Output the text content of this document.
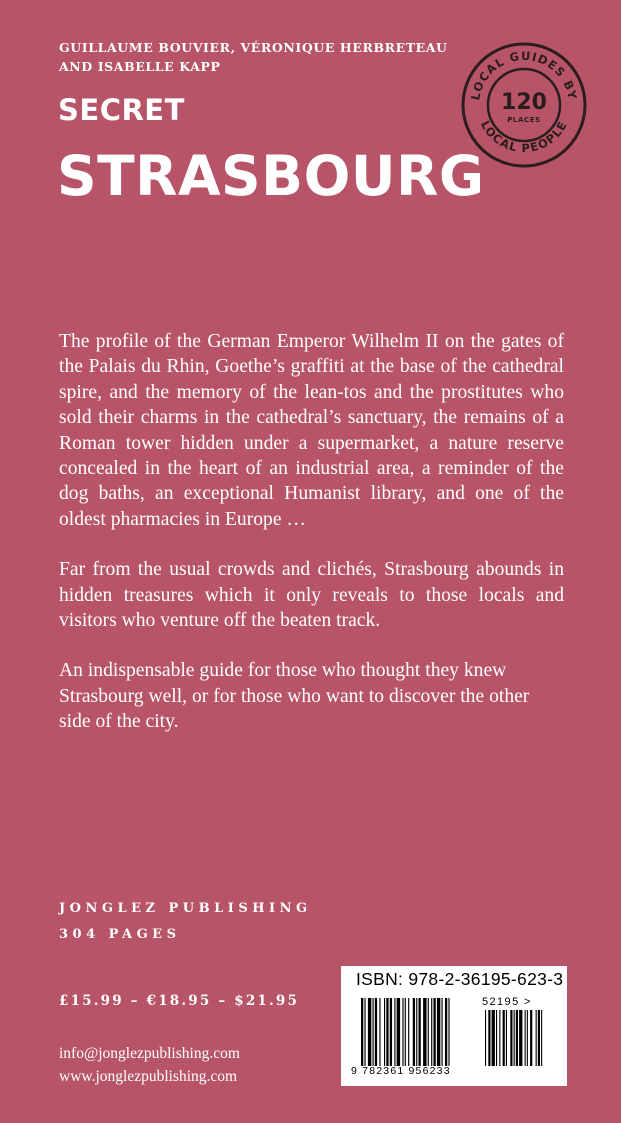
GUILLAUME BOUVIER, VÉRONIQUE HERBRETEAU
AND ISABELLE KAPP
SECRET
STRASBOURG
LOCAL GUIDES BY
LOCAL PEOPLE
120
PLACES

The profile of the German Emperor Wilhelm II on the gates of the Palais du Rhin, Goethe’s graffiti at the base of the cathedral spire, and the memory of the lean-tos and the prostitutes who sold their charms in the cathedral’s sanctuary, the remains of a Roman tower hidden under a supermarket, a nature reserve concealed in the heart of an industrial area, a reminder of the dog baths, an exceptional Humanist library, and one of the oldest pharmacies in Europe …

Far from the usual crowds and clichés, Strasbourg abounds in hidden treasures which it only reveals to those locals and visitors who venture off the beaten track.

An indispensable guide for those who thought they knew Strasbourg well, or for those who want to discover the other side of the city.

JONGLEZ PUBLISHING
304 PAGES
£15.99 – €18.95 – $21.95
info@jonglezpublishing.com
www.jonglezpublishing.com
ISBN: 978-2-36195-623-3
52195 >
9 782361 956233
